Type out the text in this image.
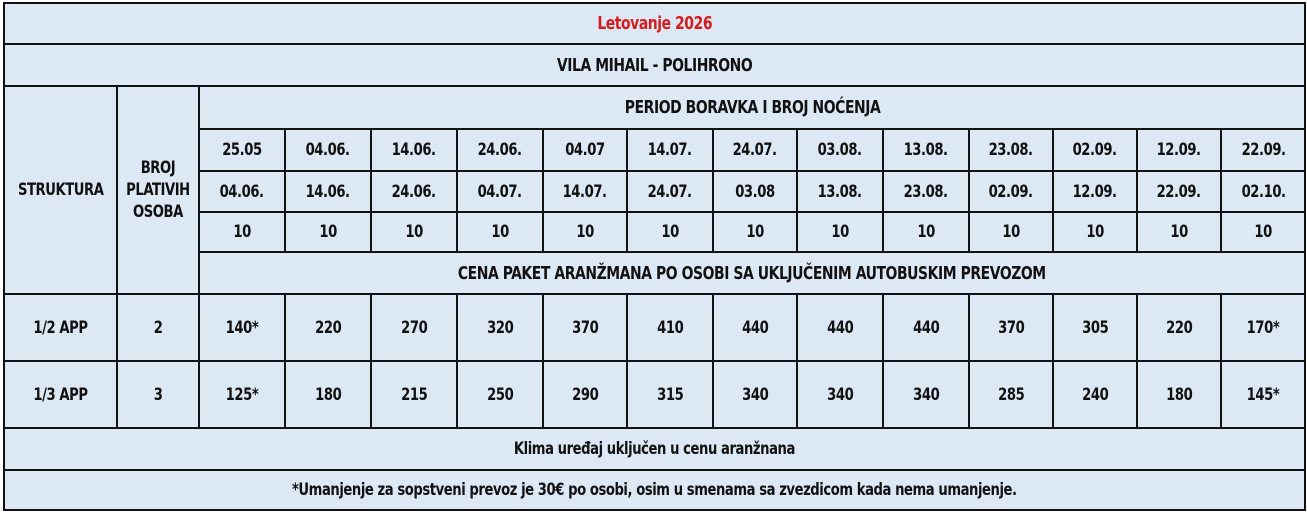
Letovanje 2026														
VILA MIHAIL - POLIHRONO														
STRUKTURA	BROJ
PLATIVIH
OSOBA	PERIOD BORAVKA I BROJ NOĆENJA												
		25.05	04.06.	14.06.	24.06.	04.07	14.07.	24.07.	03.08.	13.08.	23.08.	02.09.	12.09.	22.09.
		04.06.	14.06.	24.06.	04.07.	14.07.	24.07.	03.08	13.08.	23.08.	02.09.	12.09.	22.09.	02.10.
		10	10	10	10	10	10	10	10	10	10	10	10	10
		CENA PAKET ARANŽMANA PO OSOBI SA UKLJUČENIM AUTOBUSKIM PREVOZOM												
1/2 APP	2	140*	220	270	320	370	410	440	440	440	370	305	220	170*
1/3 APP	3	125*	180	215	250	290	315	340	340	340	285	240	180	145*
Klima uređaj uključen u cenu aranžnana														
*Umanjenje za sopstveni prevoz je 30€ po osobi, osim u smenama sa zvezdicom kada nema umanjenje.														
